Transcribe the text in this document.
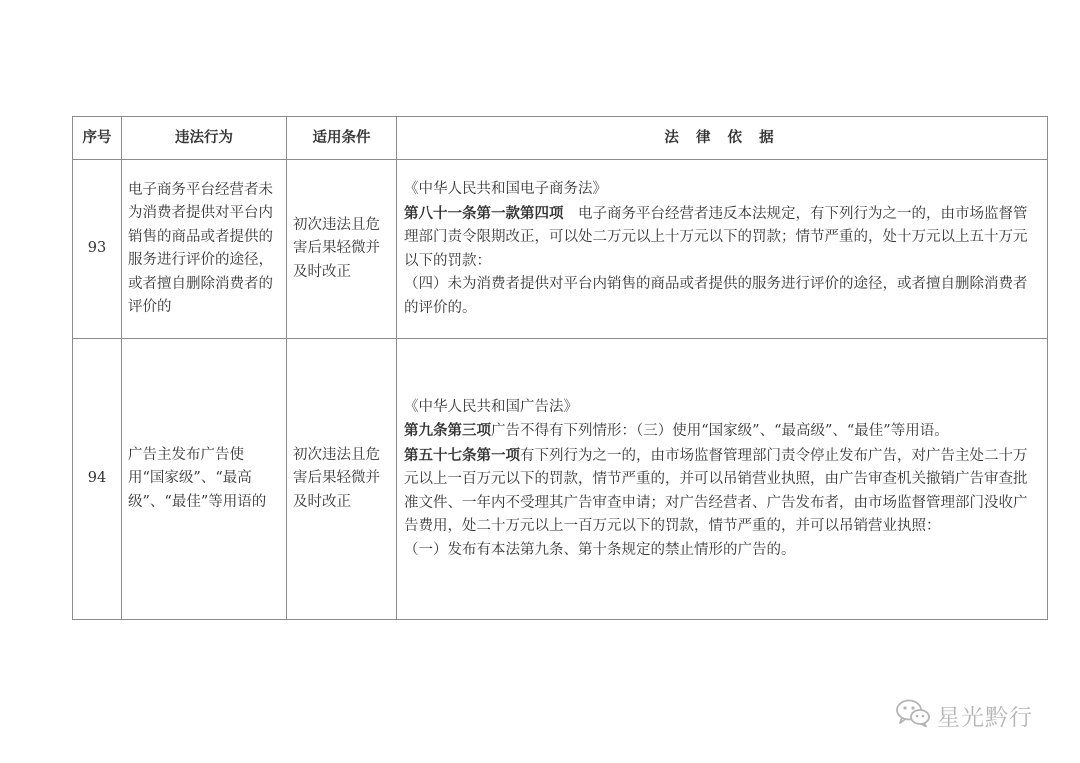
序号	违法行为	适用条件	法 律 依 据
93	电子商务平台经营者未为消费者提供对平台内销售的商品或者提供的服务进行评价的途径，或者擅自删除消费者的评价的	初次违法且危害后果轻微并及时改正	《中华人民共和国电子商务法》
第八十一条第一款第四项　电子商务平台经营者违反本法规定，有下列行为之一的，由市场监督管理部门责令限期改正，可以处二万元以上十万元以下的罚款；情节严重的，处十万元以上五十万元以下的罚款：
（四）未为消费者提供对平台内销售的商品或者提供的服务进行评价的途径，或者擅自删除消费者的评价的。

94	广告主发布广告使用“国家级”、“最高级”、“最佳”等用语的	初次违法且危害后果轻微并及时改正	《中华人民共和国广告法》
第九条第三项广告不得有下列情形：（三）使用“国家级”、“最高级”、“最佳”等用语。
第五十七条第一项有下列行为之一的，由市场监督管理部门责令停止发布广告，对广告主处二十万元以上一百万元以下的罚款，情节严重的，并可以吊销营业执照，由广告审查机关撤销广告审查批准文件、一年内不受理其广告审查申请；对广告经营者、广告发布者，由市场监督管理部门没收广告费用，处二十万元以上一百万元以下的罚款，情节严重的，并可以吊销营业执照：
（一）发布有本法第九条、第十条规定的禁止情形的广告的。
星光黔行
